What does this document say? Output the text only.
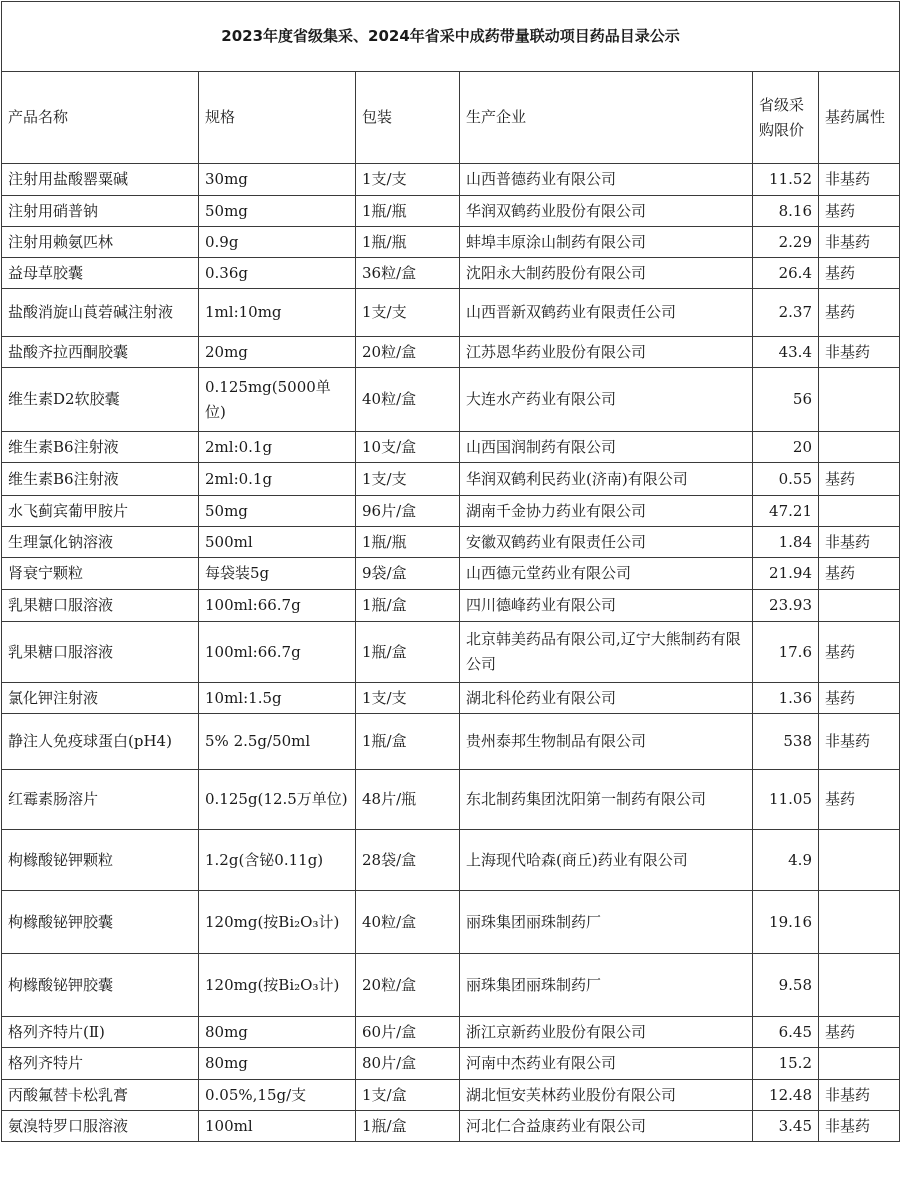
2023年度省级集采、2024年省采中成药带量联动项目药品目录公示					
产品名称	规格	包装	生产企业	省级采购限价	基药属性
注射用盐酸罂粟碱	30mg	1支/支	山西普德药业有限公司	11.52	非基药
注射用硝普钠	50mg	1瓶/瓶	华润双鹤药业股份有限公司	8.16	基药
注射用赖氨匹林	0.9g	1瓶/瓶	蚌埠丰原涂山制药有限公司	2.29	非基药
益母草胶囊	0.36g	36粒/盒	沈阳永大制药股份有限公司	26.4	基药
盐酸消旋山莨菪碱注射液	1ml:10mg	1支/支	山西晋新双鹤药业有限责任公司	2.37	基药
盐酸齐拉西酮胶囊	20mg	20粒/盒	江苏恩华药业股份有限公司	43.4	非基药
维生素D2软胶囊	0.125mg(5000单位)	40粒/盒	大连水产药业有限公司	56	
维生素B6注射液	2ml:0.1g	10支/盒	山西国润制药有限公司	20	
维生素B6注射液	2ml:0.1g	1支/支	华润双鹤利民药业(济南)有限公司	0.55	基药
水飞蓟宾葡甲胺片	50mg	96片/盒	湖南千金协力药业有限公司	47.21	
生理氯化钠溶液	500ml	1瓶/瓶	安徽双鹤药业有限责任公司	1.84	非基药
肾衰宁颗粒	每袋装5g	9袋/盒	山西德元堂药业有限公司	21.94	基药
乳果糖口服溶液	100ml:66.7g	1瓶/盒	四川德峰药业有限公司	23.93	
乳果糖口服溶液	100ml:66.7g	1瓶/盒	北京韩美药品有限公司,辽宁大熊制药有限公司	17.6	基药
氯化钾注射液	10ml:1.5g	1支/支	湖北科伦药业有限公司	1.36	基药
静注人免疫球蛋白(pH4)	5% 2.5g/50ml	1瓶/盒	贵州泰邦生物制品有限公司	538	非基药
红霉素肠溶片	0.125g(12.5万单位)	48片/瓶	东北制药集团沈阳第一制药有限公司	11.05	基药
枸橼酸铋钾颗粒	1.2g(含铋0.11g)	28袋/盒	上海现代哈森(商丘)药业有限公司	4.9	
枸橼酸铋钾胶囊	120mg(按Bi₂O₃计)	40粒/盒	丽珠集团丽珠制药厂	19.16	
枸橼酸铋钾胶囊	120mg(按Bi₂O₃计)	20粒/盒	丽珠集团丽珠制药厂	9.58	
格列齐特片(Ⅱ)	80mg	60片/盒	浙江京新药业股份有限公司	6.45	基药
格列齐特片	80mg	80片/盒	河南中杰药业有限公司	15.2	
丙酸氟替卡松乳膏	0.05%,15g/支	1支/盒	湖北恒安芙林药业股份有限公司	12.48	非基药
氨溴特罗口服溶液	100ml	1瓶/盒	河北仁合益康药业有限公司	3.45	非基药
